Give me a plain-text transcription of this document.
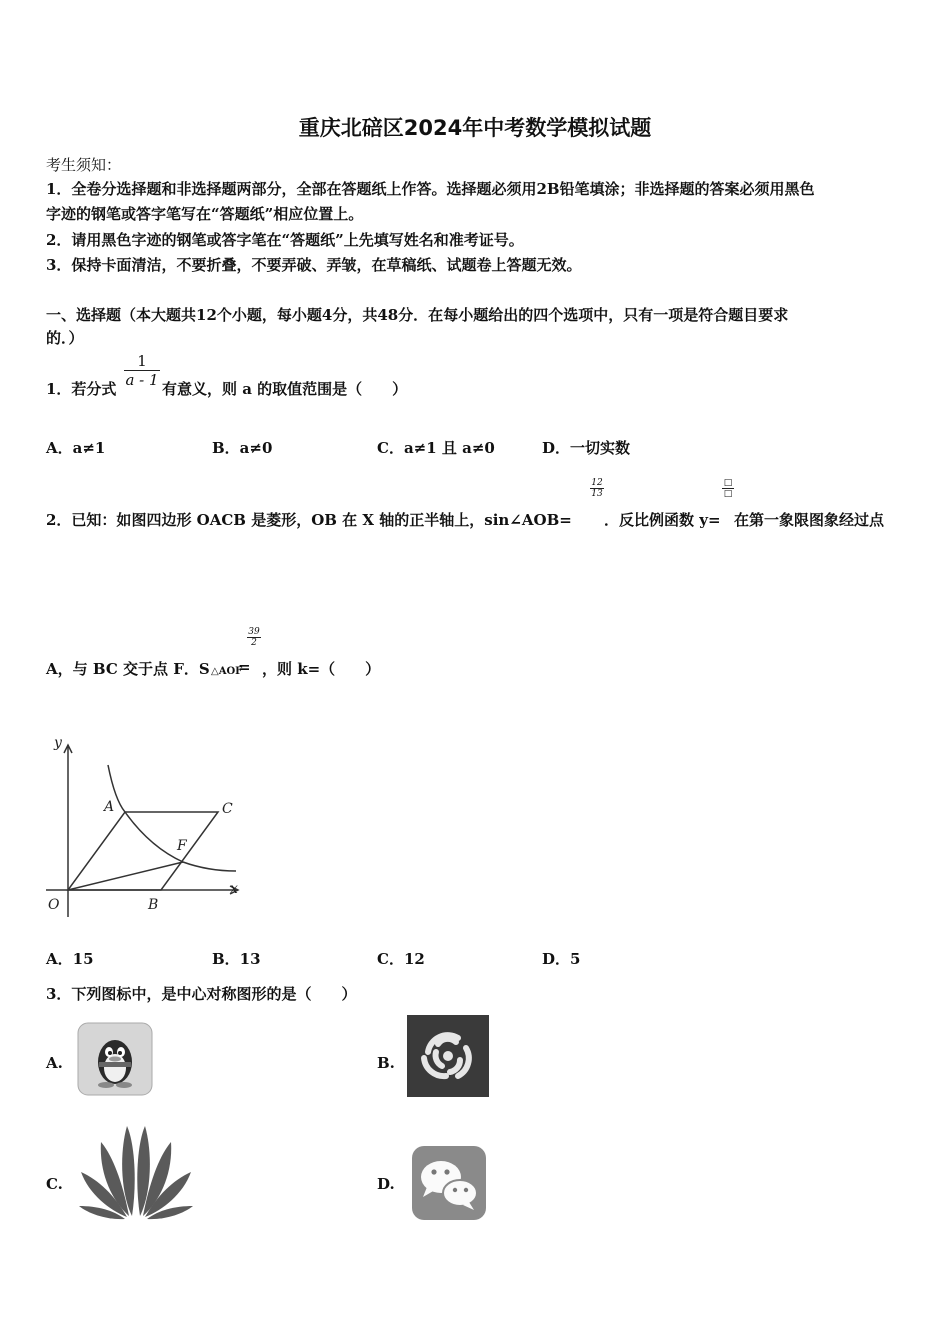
重庆北碚区2024年中考数学模拟试题
考生须知：
1．全卷分选择题和非选择题两部分，全部在答题纸上作答。选择题必须用2B铅笔填涂；非选择题的答案必须用黑色
字迹的钢笔或答字笔写在“答题纸”相应位置上。
2．请用黑色字迹的钢笔或答字笔在“答题纸”上先填写姓名和准考证号。
3．保持卡面清洁，不要折叠，不要弄破、弄皱，在草稿纸、试题卷上答题无效。
一、选择题（本大题共12个小题，每小题4分，共48分．在每小题给出的四个选项中，只有一项是符合题目要求
的．）
1．若分式 $\frac{1}{a - 1}$ 有意义，则 a 的取值范围是（　　）
A．a≠1	B．a≠0	C．a≠1 且 a≠0	D．一切实数
2．已知：如图四边形 OACB 是菱形，OB 在 X 轴的正半轴上，sin∠AOB=
$\frac{12}{13}$
．反比例函数 y=
□
□
在第一象限图象经过点
A，与 BC 交于点 F．S △AOF
=
$\frac{39}{2}$
，则 k=（　　）
y
x
O
A	C
F
B
A．15	B．13	C．12	D．5
3．下列图标中，是中心对称图形的是（　　）
A.	B.
C.	D.
